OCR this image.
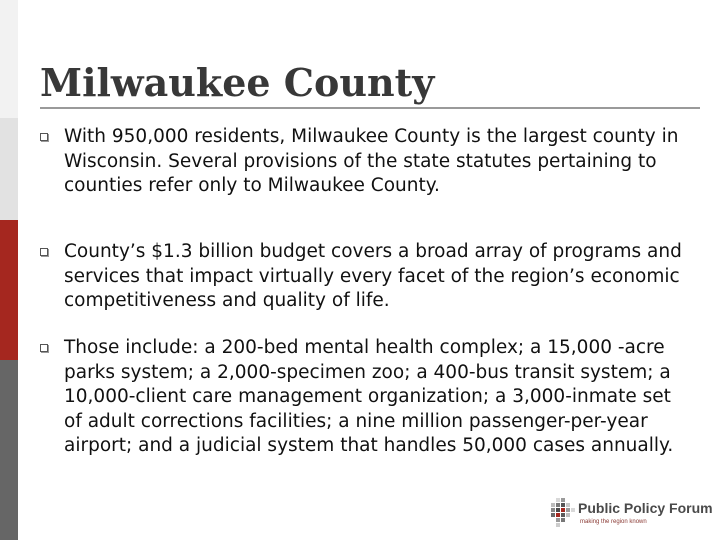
Milwaukee County
With 950,000 residents, Milwaukee County is the largest county in Wisconsin. Several provisions of the state statutes pertaining to counties refer only to Milwaukee County.
County’s $1.3 billion budget covers a broad array of programs and services that impact virtually every facet of the region’s economic competitiveness and quality of life.
Those include: a 200-bed mental health complex; a 15,000 -acre parks system; a 2,000-specimen zoo; a 400-bus transit system; a 10,000-client care management organization; a 3,000-inmate set of adult corrections facilities; a nine million passenger-per-year airport; and a judicial system that handles 50,000 cases annually.
Public Policy Forum
making the region known
